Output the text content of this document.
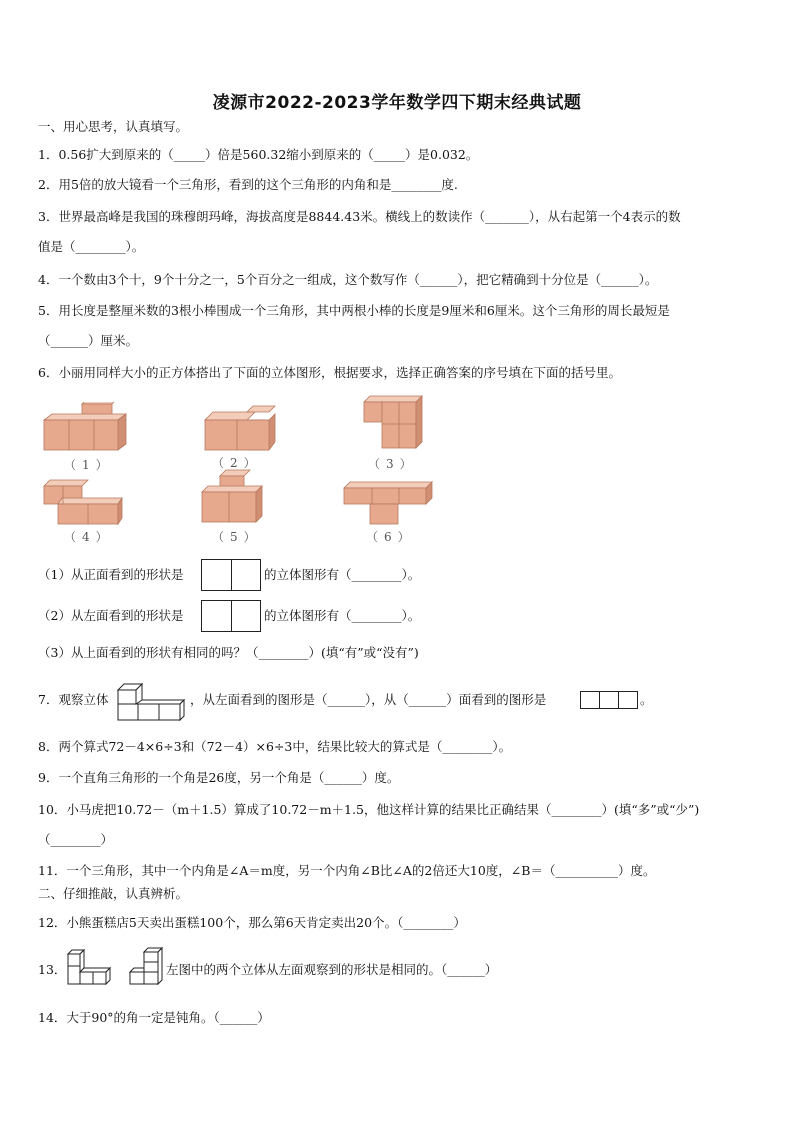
凌源市2022-2023学年数学四下期末经典试题
一、用心思考，认真填写。
1．0.56扩大到原来的（_____）倍是560.32缩小到原来的（_____）是0.032。
2．用5倍的放大镜看一个三角形，看到的这个三角形的内角和是________度.
3．世界最高峰是我国的珠穆朗玛峰，海拔高度是8844.43米。横线上的数读作（_______），从右起第一个4表示的数
值是（________）。
4．一个数由3个十，9个十分之一，5个百分之一组成，这个数写作（______），把它精确到十分位是（______）。
5．用长度是整厘米数的3根小棒围成一个三角形，其中两根小棒的长度是9厘米和6厘米。这个三角形的周长最短是
（______）厘米。
6．小丽用同样大小的正方体搭出了下面的立体图形，根据要求，选择正确答案的序号填在下面的括号里。
（1）	（2）	（3）
（4）	（5）	（6）
（1）从正面看到的形状是	的立体图形有（________）。
（2）从左面看到的形状是	的立体图形有（________）。
（3）从上面看到的形状有相同的吗？（________）(填“有”或“没有”)
7．观察立体	，从左面看到的图形是（______），从（______）面看到的图形是	。
8．两个算式72－4×6÷3和（72－4）×6÷3中，结果比较大的算式是（________）。
9．一个直角三角形的一个角是26度，另一个角是（______）度。
10．小马虎把10.72－（m＋1.5）算成了10.72－m＋1.5，他这样计算的结果比正确结果（________）(填“多”或“少”)
（________）
11．一个三角形，其中一个内角是∠A＝m度，另一个内角∠B比∠A的2倍还大10度，∠B＝（__________）度。
二、仔细推敲，认真辨析。
12．小熊蛋糕店5天卖出蛋糕100个，那么第6天肯定卖出20个。（________）
13．	左图中的两个立体从左面观察到的形状是相同的。（______）
14．大于90°的角一定是钝角。（______）
